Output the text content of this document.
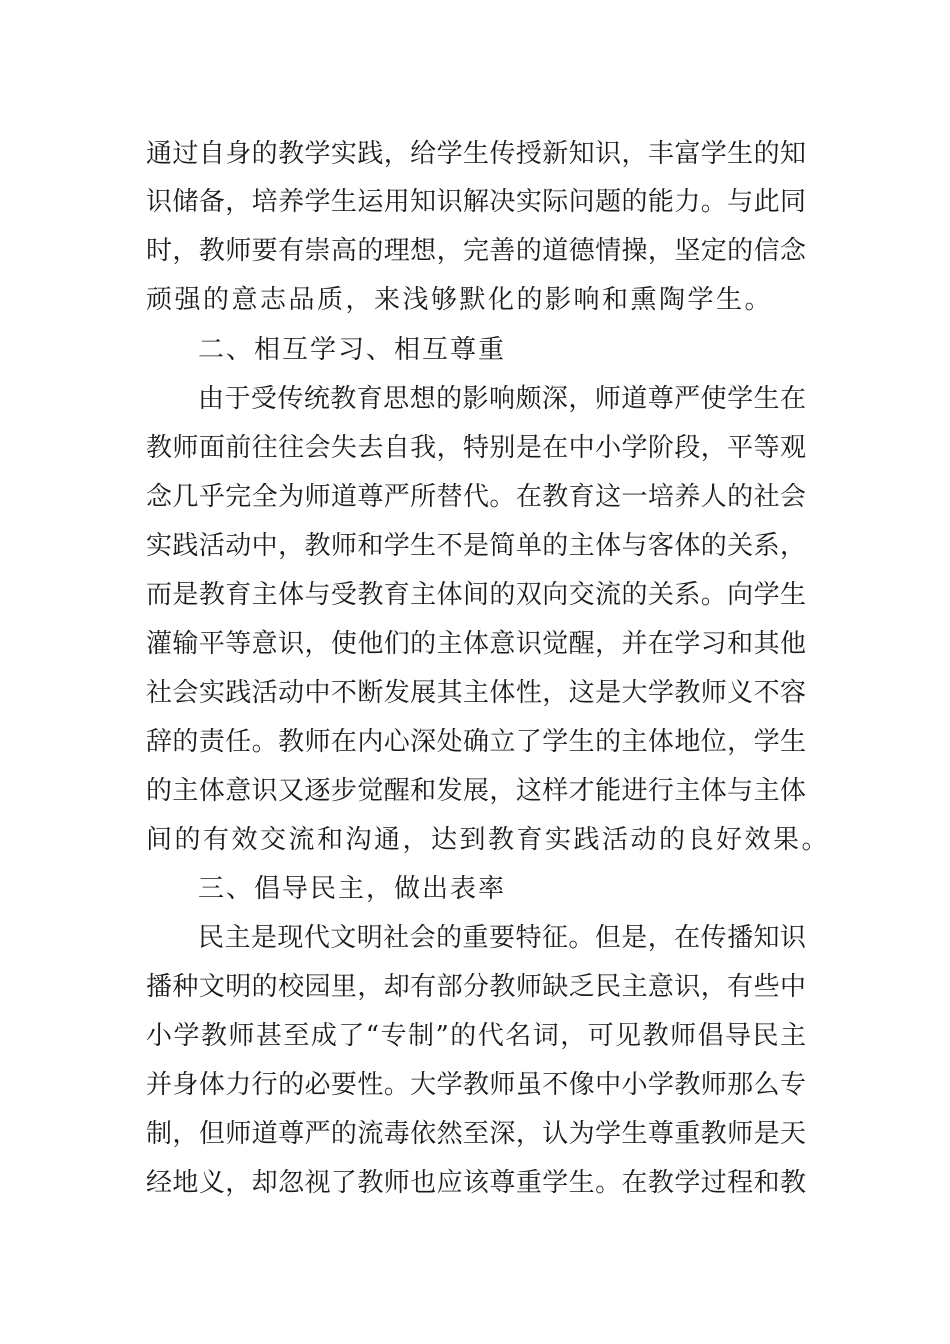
通过自身的教学实践，给学生传授新知识，丰富学生的知
识储备，培养学生运用知识解决实际问题的能力。与此同
时，教师要有崇高的理想，完善的道德情操，坚定的信念
顽强的意志品质，来浅够默化的影响和熏陶学生。
二、相互学习、相互尊重
由于受传统教育思想的影响颇深，师道尊严使学生在
教师面前往往会失去自我，特别是在中小学阶段，平等观
念几乎完全为师道尊严所替代。在教育这一培养人的社会
实践活动中，教师和学生不是简单的主体与客体的关系，
而是教育主体与受教育主体间的双向交流的关系。向学生
灌输平等意识，使他们的主体意识觉醒，并在学习和其他
社会实践活动中不断发展其主体性，这是大学教师义不容
辞的责任。教师在内心深处确立了学生的主体地位，学生
的主体意识又逐步觉醒和发展，这样才能进行主体与主体
间的有效交流和沟通，达到教育实践活动的良好效果。
三、倡导民主，做出表率
民主是现代文明社会的重要特征。但是，在传播知识
播种文明的校园里，却有部分教师缺乏民主意识，有些中
小学教师甚至成了“专制”的代名词，可见教师倡导民主
并身体力行的必要性。大学教师虽不像中小学教师那么专
制，但师道尊严的流毒依然至深，认为学生尊重教师是天
经地义，却忽视了教师也应该尊重学生。在教学过程和教
